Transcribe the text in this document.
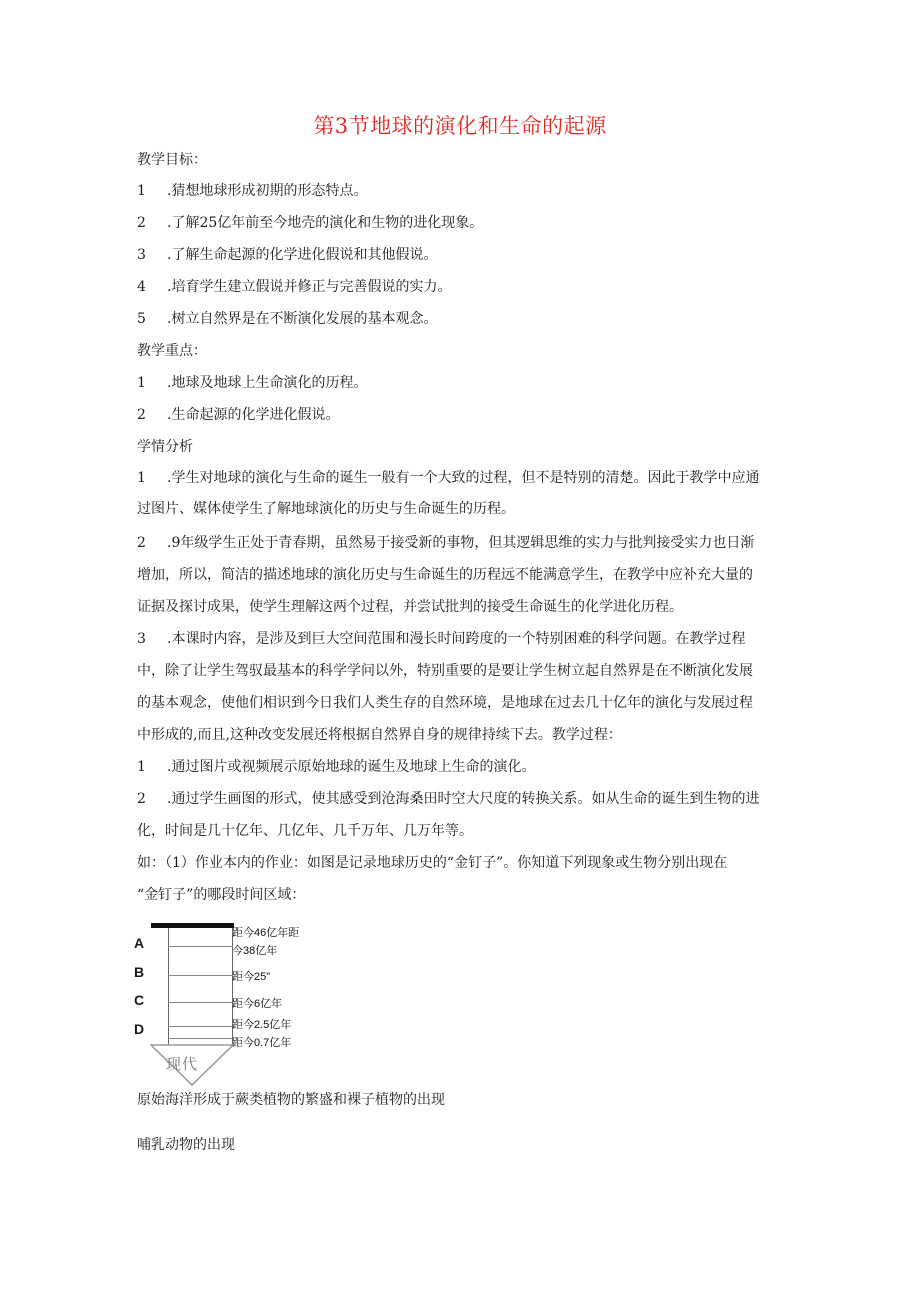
第3节地球的演化和生命的起源
教学目标：
1 .猜想地球形成初期的形态特点。
2 .了解25亿年前至今地壳的演化和生物的进化现象。
3 .了解生命起源的化学进化假说和其他假说。
4 .培育学生建立假说并修正与完善假说的实力。
5 .树立自然界是在不断演化发展的基本观念。
教学重点：
1 .地球及地球上生命演化的历程。
2 .生命起源的化学进化假说。
学情分析
1 .学生对地球的演化与生命的诞生一般有一个大致的过程，但不是特别的清楚。因此于教学中应通
过图片、媒体使学生了解地球演化的历史与生命诞生的历程。
2 .9年级学生正处于青春期，虽然易于接受新的事物，但其逻辑思维的实力与批判接受实力也日渐
增加，所以，简洁的描述地球的演化历史与生命诞生的历程远不能满意学生，在教学中应补充大量的
证据及探讨成果，使学生理解这两个过程，并尝试批判的接受生命诞生的化学进化历程。
3 .本课时内容，是涉及到巨大空间范围和漫长时间跨度的一个特别困难的科学问题。在教学过程
中，除了让学生驾驭最基本的科学学问以外，特别重要的是要让学生树立起自然界是在不断演化发展
的基本观念，使他们相识到今日我们人类生存的自然环境，是地球在过去几十亿年的演化与发展过程
中形成的,而且,这种改变发展还将根据自然界自身的规律持续下去。教学过程：
1 .通过图片或视频展示原始地球的诞生及地球上生命的演化。
2 .通过学生画图的形式，使其感受到沧海桑田时空大尺度的转换关系。如从生命的诞生到生物的进
化，时间是几十亿年、几亿年、几千万年、几万年等。
如：（1）作业本内的作业：如图是记录地球历史的“金钉子”。你知道下列现象或生物分别出现在
“金钉子”的哪段时间区域：
A
B
C
D
距今46亿年距
今38亿年
距今25"
距今6亿年
距今2.5亿年
距今0.7亿年
现代
原始海洋形成于蕨类植物的繁盛和裸子植物的出现
哺乳动物的出现
